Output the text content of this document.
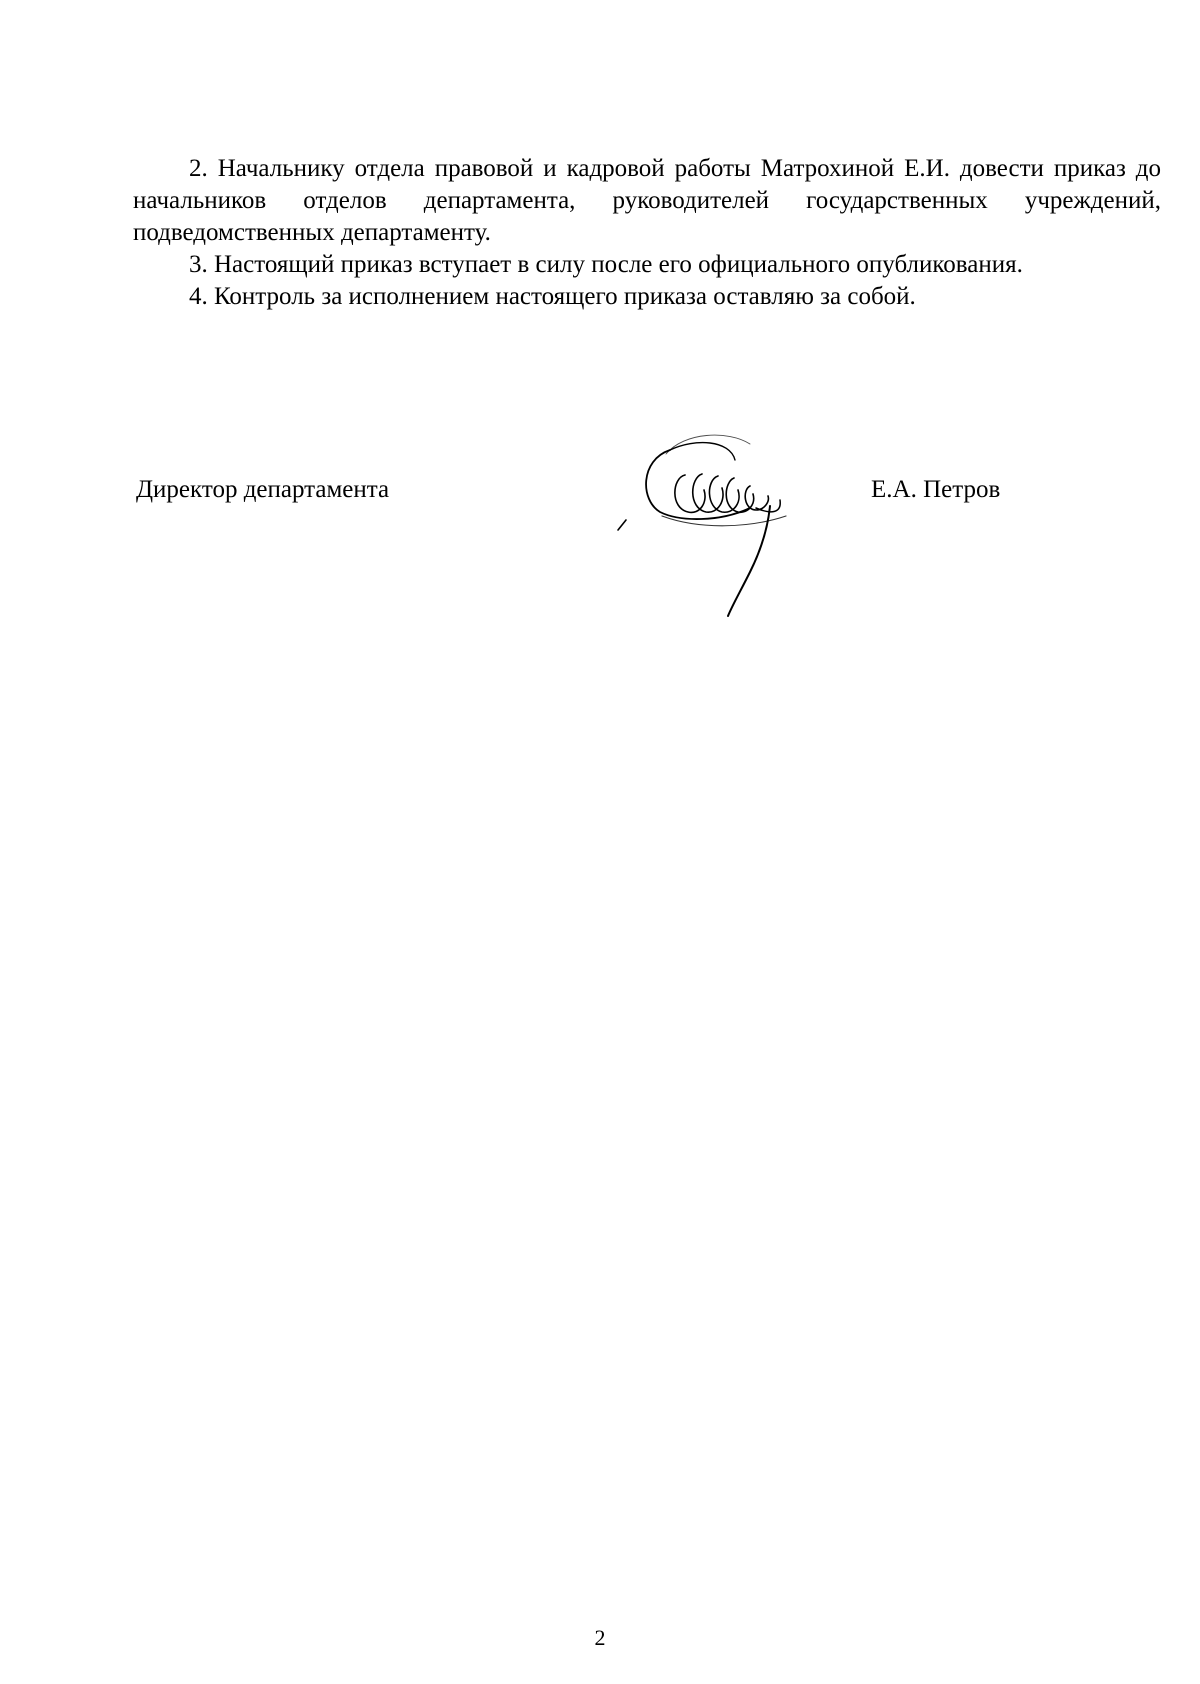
2. Начальнику отдела правовой и кадровой работы Матрохиной Е.И. довести приказ до начальников отделов департамента, руководителей государственных учреждений, подведомственных департаменту.

3. Настоящий приказ вступает в силу после его официального опубликования.

4. Контроль за исполнением настоящего приказа оставляю за собой.

Директор департамента	Е.А. Петров
2
